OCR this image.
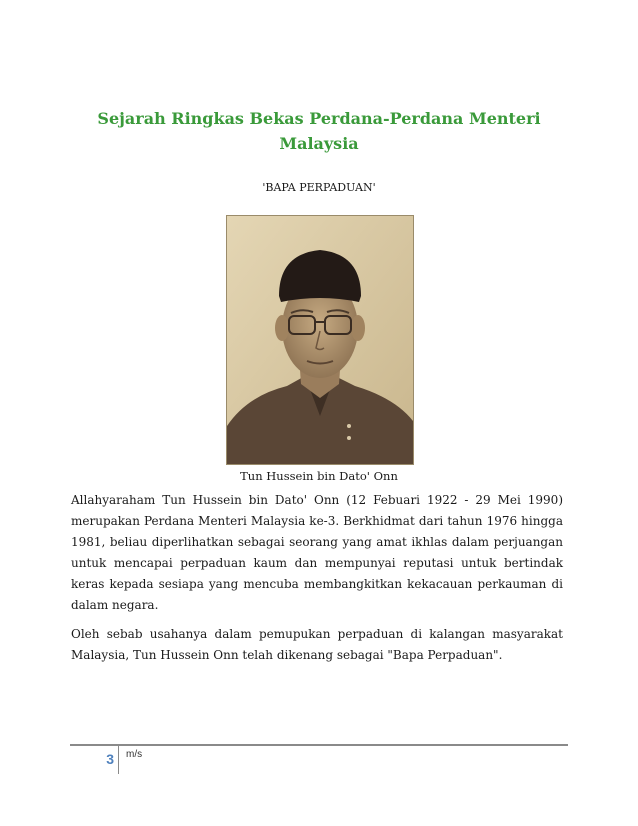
Sejarah Ringkas Bekas Perdana-Perdana Menteri Malaysia
'BAPA PERPADUAN'
Tun Hussein bin Dato' Onn

Allahyaraham Tun Hussein bin Dato' Onn (12 Febuari 1922 - 29 Mei 1990) merupakan Perdana Menteri Malaysia ke-3. Berkhidmat dari tahun 1976 hingga 1981, beliau diperlihatkan sebagai seorang yang amat ikhlas dalam perjuangan untuk mencapai perpaduan kaum dan mempunyai reputasi untuk bertindak keras kepada sesiapa yang mencuba membangkitkan kekacauan perkauman di dalam negara.

Oleh sebab usahanya dalam pemupukan perpaduan di kalangan masyarakat Malaysia, Tun Hussein Onn telah dikenang sebagai "Bapa Perpaduan".

3 m/s
